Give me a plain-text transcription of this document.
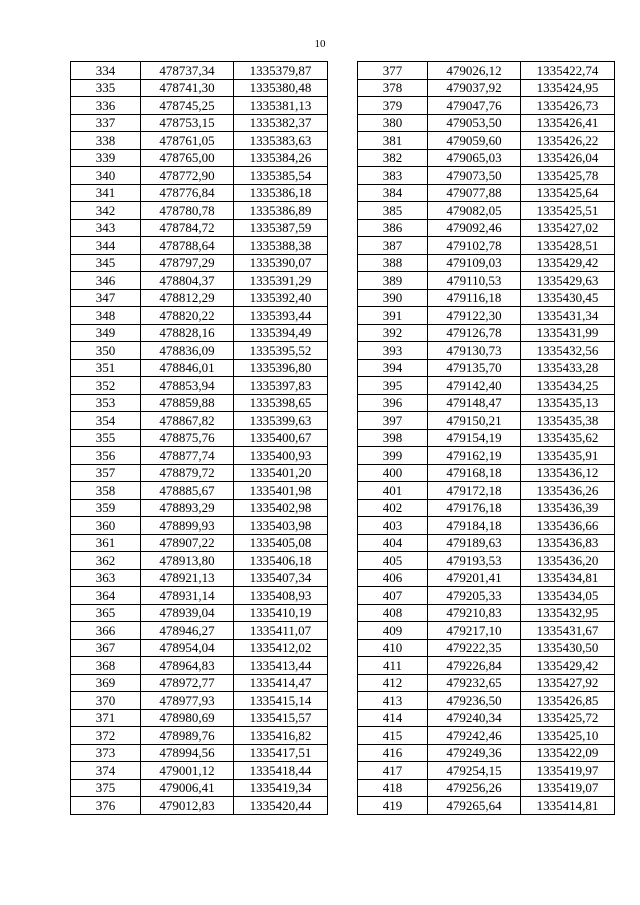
10
334	478737,34	1335379,87
335	478741,30	1335380,48
336	478745,25	1335381,13
337	478753,15	1335382,37
338	478761,05	1335383,63
339	478765,00	1335384,26
340	478772,90	1335385,54
341	478776,84	1335386,18
342	478780,78	1335386,89
343	478784,72	1335387,59
344	478788,64	1335388,38
345	478797,29	1335390,07
346	478804,37	1335391,29
347	478812,29	1335392,40
348	478820,22	1335393,44
349	478828,16	1335394,49
350	478836,09	1335395,52
351	478846,01	1335396,80
352	478853,94	1335397,83
353	478859,88	1335398,65
354	478867,82	1335399,63
355	478875,76	1335400,67
356	478877,74	1335400,93
357	478879,72	1335401,20
358	478885,67	1335401,98
359	478893,29	1335402,98
360	478899,93	1335403,98
361	478907,22	1335405,08
362	478913,80	1335406,18
363	478921,13	1335407,34
364	478931,14	1335408,93
365	478939,04	1335410,19
366	478946,27	1335411,07
367	478954,04	1335412,02
368	478964,83	1335413,44
369	478972,77	1335414,47
370	478977,93	1335415,14
371	478980,69	1335415,57
372	478989,76	1335416,82
373	478994,56	1335417,51
374	479001,12	1335418,44
375	479006,41	1335419,34
376	479012,83	1335420,44
377	479026,12	1335422,74
378	479037,92	1335424,95
379	479047,76	1335426,73
380	479053,50	1335426,41
381	479059,60	1335426,22
382	479065,03	1335426,04
383	479073,50	1335425,78
384	479077,88	1335425,64
385	479082,05	1335425,51
386	479092,46	1335427,02
387	479102,78	1335428,51
388	479109,03	1335429,42
389	479110,53	1335429,63
390	479116,18	1335430,45
391	479122,30	1335431,34
392	479126,78	1335431,99
393	479130,73	1335432,56
394	479135,70	1335433,28
395	479142,40	1335434,25
396	479148,47	1335435,13
397	479150,21	1335435,38
398	479154,19	1335435,62
399	479162,19	1335435,91
400	479168,18	1335436,12
401	479172,18	1335436,26
402	479176,18	1335436,39
403	479184,18	1335436,66
404	479189,63	1335436,83
405	479193,53	1335436,20
406	479201,41	1335434,81
407	479205,33	1335434,05
408	479210,83	1335432,95
409	479217,10	1335431,67
410	479222,35	1335430,50
411	479226,84	1335429,42
412	479232,65	1335427,92
413	479236,50	1335426,85
414	479240,34	1335425,72
415	479242,46	1335425,10
416	479249,36	1335422,09
417	479254,15	1335419,97
418	479256,26	1335419,07
419	479265,64	1335414,81
